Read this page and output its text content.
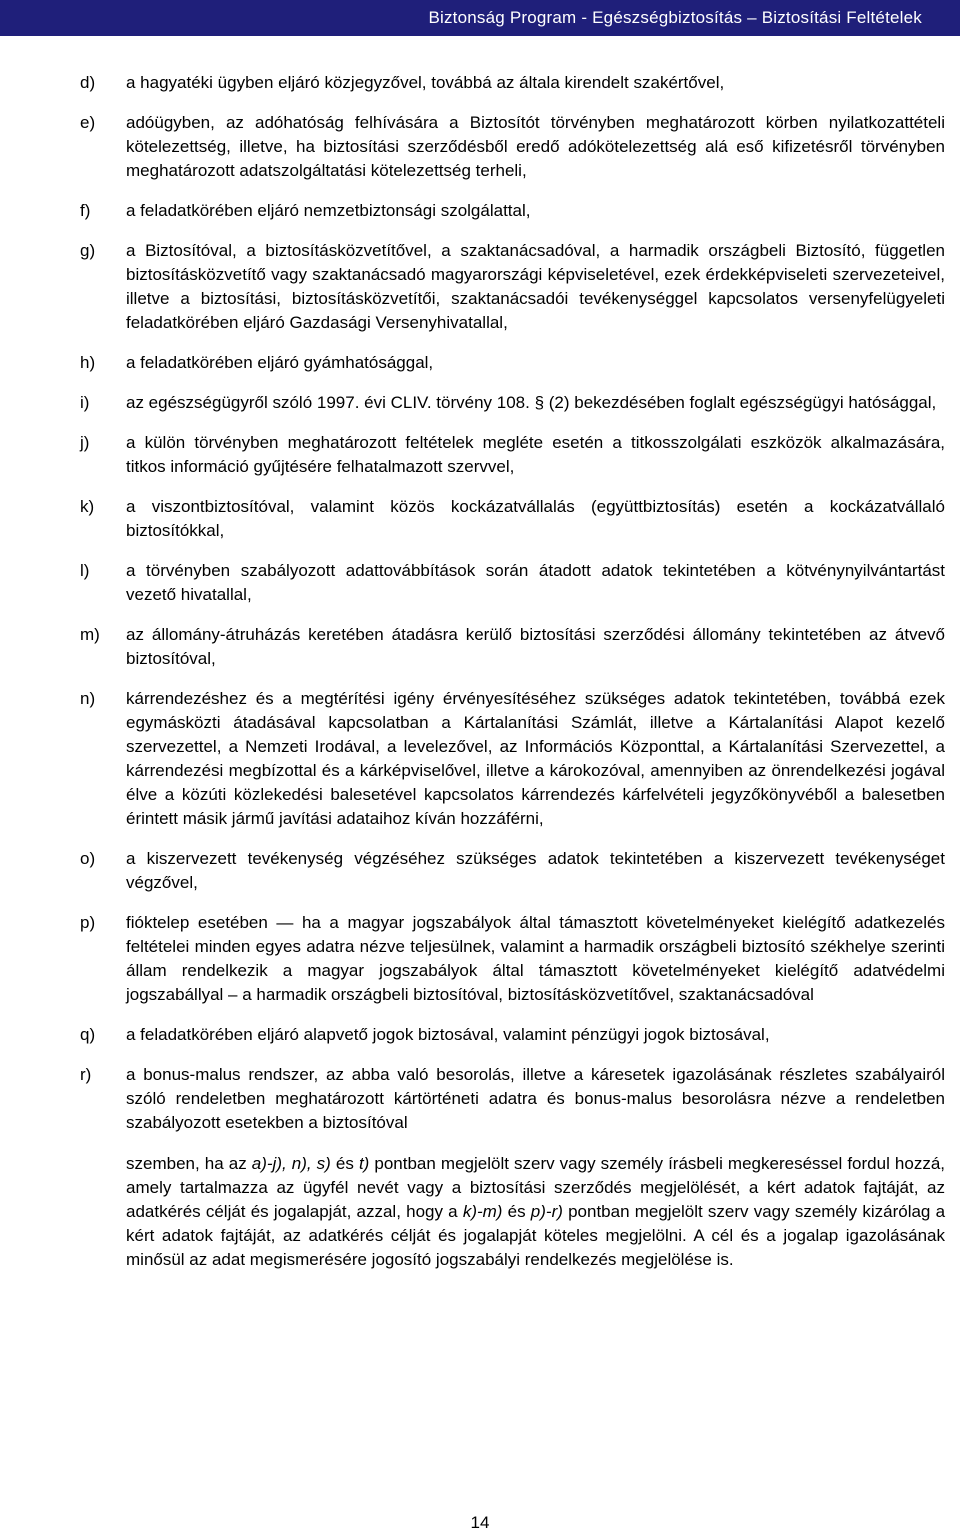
Biztonság Program - Egészségbiztosítás – Biztosítási Feltételek
d)	a hagyatéki ügyben eljáró közjegyzővel, továbbá az általa kirendelt szakértővel,
e)	adóügyben, az adóhatóság felhívására a Biztosítót törvényben meghatározott körben nyilatkozattételi kötelezettség, illetve, ha biztosítási szerződésből eredő adókötelezettség alá eső kifizetésről törvényben meghatározott adatszolgáltatási kötelezettség terheli,
f)	a feladatkörében eljáró nemzetbiztonsági szolgálattal,
g)	a Biztosítóval, a biztosításközvetítővel, a szaktanácsadóval, a harmadik országbeli Biztosító, független biztosításközvetítő vagy szaktanácsadó magyarországi képviseletével, ezek érdekképviseleti szervezeteivel, illetve a biztosítási, biztosításközvetítői, szaktanácsadói tevékenységgel kapcsolatos versenyfelügyeleti feladatkörében eljáró Gazdasági Versenyhivatallal,
h)	a feladatkörében eljáró gyámhatósággal,
i)	az egészségügyről szóló 1997. évi CLIV. törvény 108. § (2) bekezdésében foglalt egészségügyi hatósággal,
j)	a külön törvényben meghatározott feltételek megléte esetén a titkosszolgálati eszközök alkalmazására, titkos információ gyűjtésére felhatalmazott szervvel,
k)	a viszontbiztosítóval, valamint közös kockázatvállalás (együttbiztosítás) esetén a kockázatvállaló biztosítókkal,
l)	a törvényben szabályozott adattovábbítások során átadott adatok tekintetében a kötvénynyilvántartást vezető hivatallal,
m)	az állomány-átruházás keretében átadásra kerülő biztosítási szerződési állomány tekintetében az átvevő biztosítóval,
n)	kárrendezéshez és a megtérítési igény érvényesítéséhez szükséges adatok tekintetében, továbbá ezek egymásközti átadásával kapcsolatban a Kártalanítási Számlát, illetve a Kártalanítási Alapot kezelő szervezettel, a Nemzeti Irodával, a levelezővel, az Információs Központtal, a Kártalanítási Szervezettel, a kárrendezési megbízottal és a kárképviselővel, illetve a károkozóval, amennyiben az önrendelkezési jogával élve a közúti közlekedési balesetével kapcsolatos kárrendezés kárfelvételi jegyzőkönyvéből a balesetben érintett másik jármű javítási adataihoz kíván hozzáférni,
o)	a kiszervezett tevékenység végzéséhez szükséges adatok tekintetében a kiszervezett tevékenységet végzővel,
p)	fióktelep esetében — ha a magyar jogszabályok által támasztott követelményeket kielégítő adatkezelés feltételei minden egyes adatra nézve teljesülnek, valamint a harmadik országbeli biztosító székhelye szerinti állam rendelkezik a magyar jogszabályok által támasztott követelményeket kielégítő adatvédelmi jogszabállyal – a harmadik országbeli biztosítóval, biztosításközvetítővel, szaktanácsadóval
q)	a feladatkörében eljáró alapvető jogok biztosával, valamint pénzügyi jogok biztosával,
r)	a bonus-malus rendszer, az abba való besorolás, illetve a káresetek igazolásának részletes szabályairól szóló rendeletben meghatározott kártörténeti adatra és bonus-malus besorolásra nézve a rendeletben szabályozott esetekben a biztosítóval

szemben, ha az a)-j), n), s) és t) pontban megjelölt szerv vagy személy írásbeli megkereséssel fordul hozzá, amely tartalmazza az ügyfél nevét vagy a biztosítási szerződés megjelölését, a kért adatok fajtáját, az adatkérés célját és jogalapját, azzal, hogy a k)-m) és p)-r) pontban megjelölt szerv vagy személy kizárólag a kért adatok fajtáját, az adatkérés célját és jogalapját köteles megjelölni. A cél és a jogalap igazolásának minősül az adat megismerésére jogosító jogszabályi rendelkezés megjelölése is.

14
